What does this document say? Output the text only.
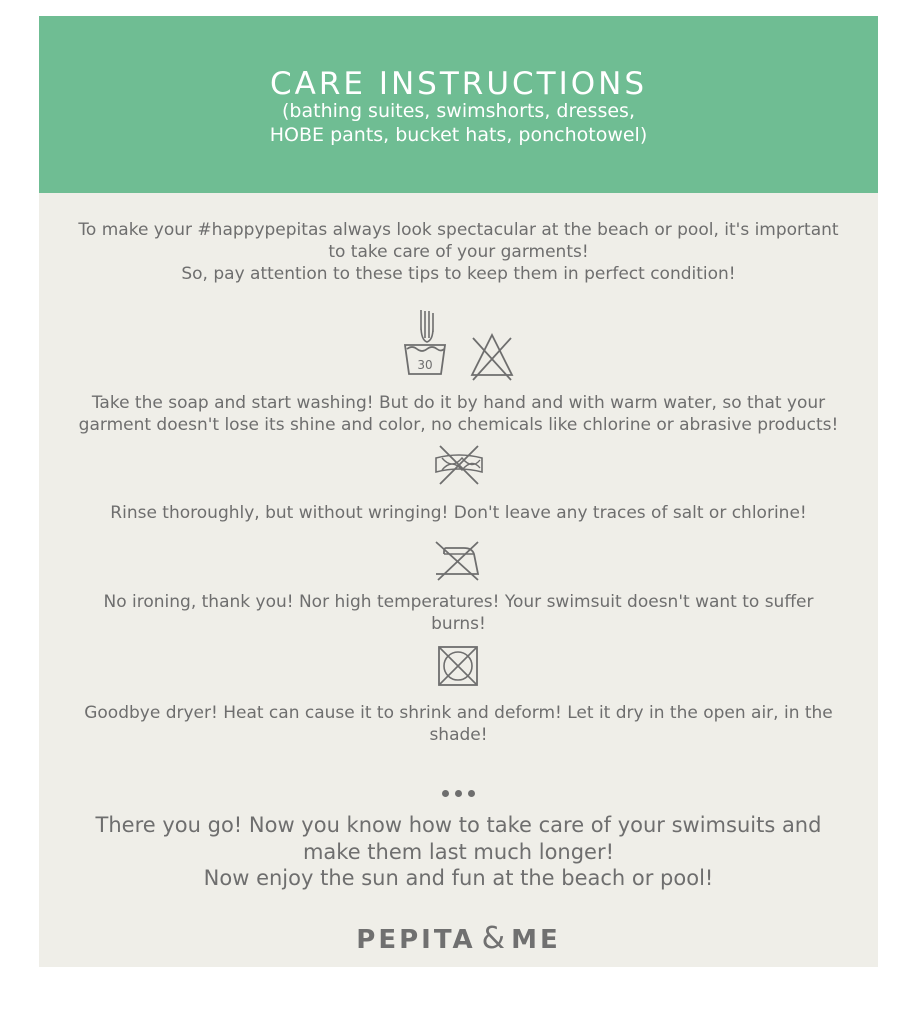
CARE INSTRUCTIONS
(bathing suites, swimshorts, dresses,
HOBE pants, bucket hats, ponchotowel)
To make your #happypepitas always look spectacular at the beach or pool, it's important
to take care of your garments!
So, pay attention to these tips to keep them in perfect condition!
30
Take the soap and start washing! But do it by hand and with warm water, so that your
garment doesn't lose its shine and color, no chemicals like chlorine or abrasive products!
Rinse thoroughly, but without wringing! Don't leave any traces of salt or chlorine!
No ironing, thank you! Nor high temperatures! Your swimsuit doesn't want to suffer
burns!
Goodbye dryer! Heat can cause it to shrink and deform! Let it dry in the open air, in the
shade!
There you go! Now you know how to take care of your swimsuits and
make them last much longer!
Now enjoy the sun and fun at the beach or pool!
PEPITA & ME
